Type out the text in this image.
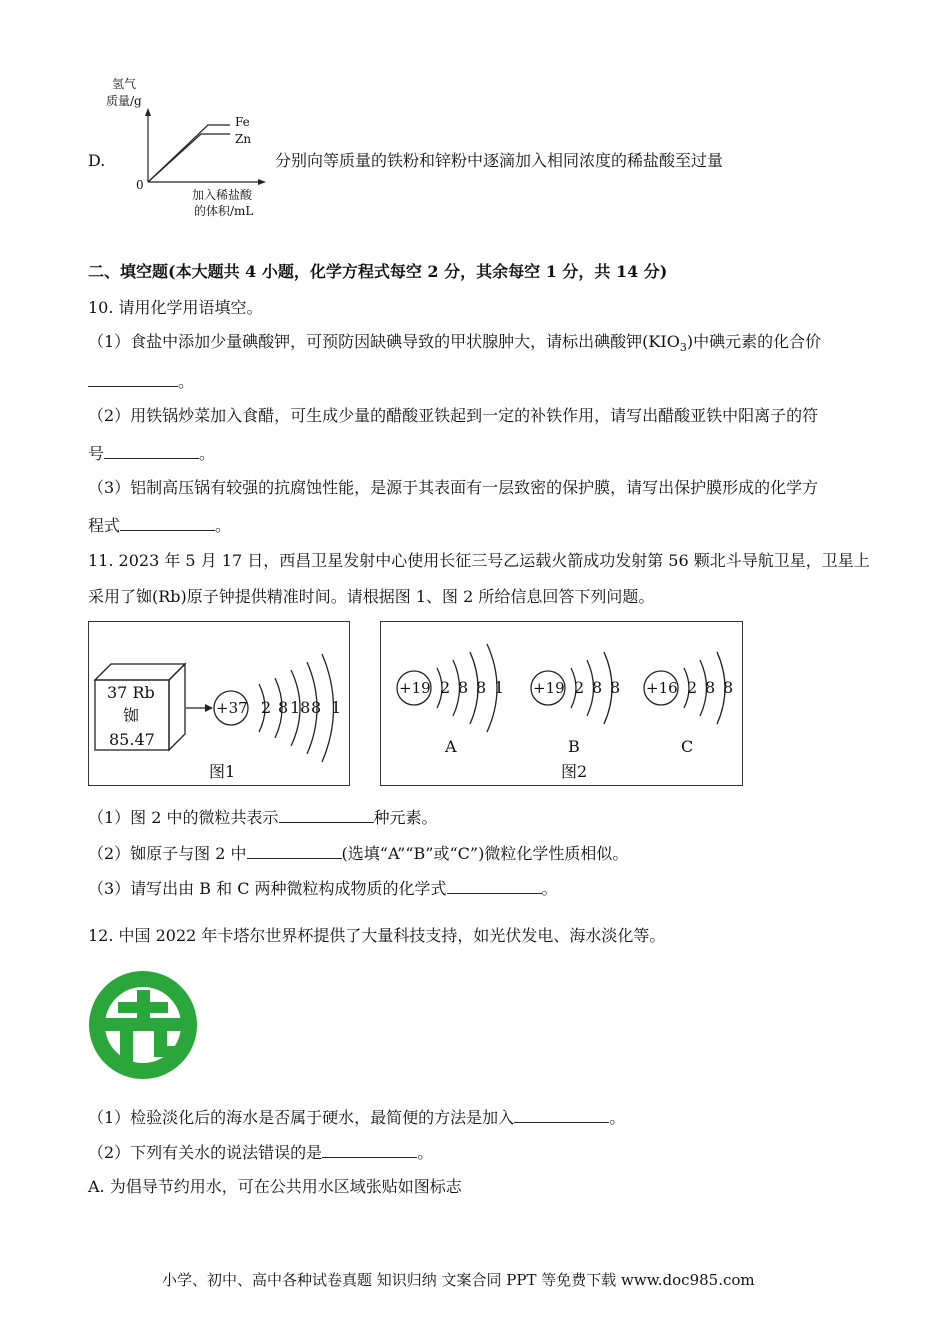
D.
氢气
质量/g
Fe
Zn
0
加入稀盐酸
的体积/mL
分别向等质量的铁粉和锌粉中逐滴加入相同浓度的稀盐酸至过量
二、填空题(本大题共 4 小题，化学方程式每空 2 分，其余每空 1 分，共 14 分)
10. 请用化学用语填空。
（1）食盐中添加少量碘酸钾，可预防因缺碘导致的甲状腺肿大，请标出碘酸钾$(KIO_3)$中碘元素的化合价
。
（2）用铁锅炒菜加入食醋，可生成少量的醋酸亚铁起到一定的补铁作用，请写出醋酸亚铁中阳离子的符
号	。
（3）铝制高压锅有较强的抗腐蚀性能，是源于其表面有一层致密的保护膜，请写出保护膜形成的化学方
程式	。
11. 2023 年 5 月 17 日，西昌卫星发射中心使用长征三号乙运载火箭成功发射第 56 颗北斗导航卫星，卫星上
采用了铷(Rb)原子钟提供精准时间。请根据图 1、图 2 所给信息回答下列问题。
37 Rb
铷
85.47
+37 2 8 18 8 1
图1
+19 2 8 8 1
A
+19 2 8 8
B
+16 2 8 8
C
图2
（1）图 2 中的微粒共表示	种元素。
（2）铷原子与图 2 中	(选填“A”“B”或“C”)微粒化学性质相似。
（3）请写出由 B 和 C 两种微粒构成物质的化学式	。
12. 中国 2022 年卡塔尔世界杯提供了大量科技支持，如光伏发电、海水淡化等。
（1）检验淡化后的海水是否属于硬水，最简便的方法是加入	。
（2）下列有关水的说法错误的是	。
A. 为倡导节约用水，可在公共用水区域张贴如图标志
小学、初中、高中各种试卷真题 知识归纳 文案合同 PPT 等免费下载 www.doc985.com
